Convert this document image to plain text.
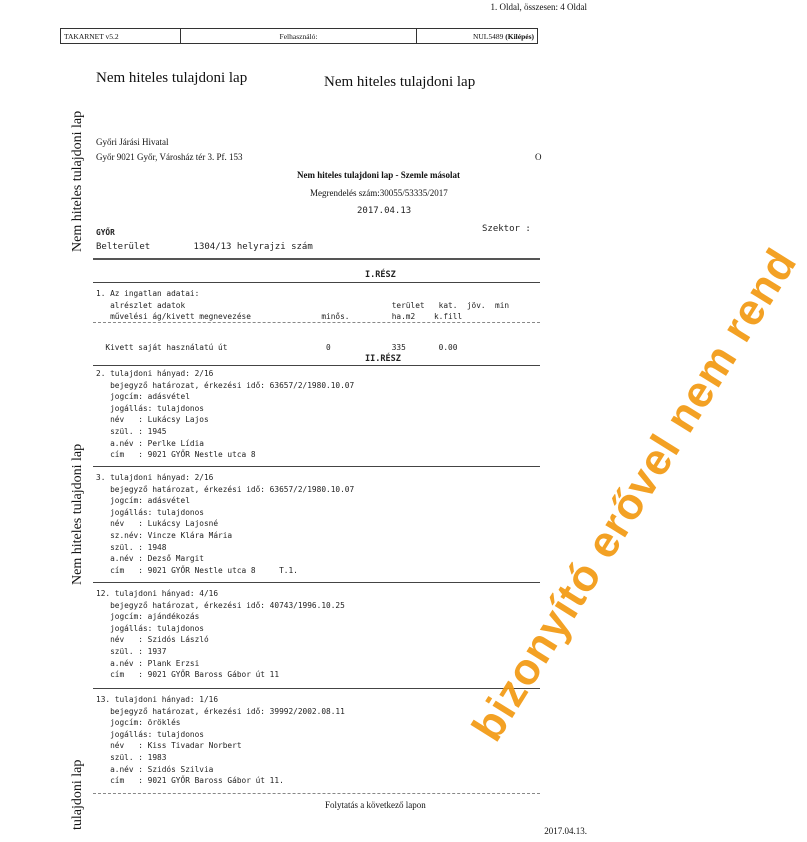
1. Oldal, összesen: 4 Oldal
TAKARNET v5.2	Felhasználó:	NUL5489
(Kilépés)
Nem hiteles tulajdoni lap	Nem hiteles tulajdoni lap
Nem hiteles tulajdoni lap
Nem hiteles tulajdoni lap
tulajdoni lap
Győri Járási Hivatal
Győr 9021 Győr, Városház tér 3. Pf. 153	O
Nem hiteles tulajdoni lap - Szemle másolat
Megrendelés szám:30055/53335/2017
2017.04.13
GYŐR	Szektor :
Belterület        1304/13 helyrajzi szám
I.RÉSZ
1. Az ingatlan adatai:
alrészlet adatok                                            terület   kat.  jöv.  min
művelési ág/kivett megnevezése               minős.         ha.m2    k.fill
Kivett saját használatú út                     0             335       0.00
II.RÉSZ
2. tulajdoni hányad: 2/16
bejegyző határozat, érkezési idő: 63657/2/1980.10.07
jogcím: adásvétel
jogállás: tulajdonos
név   : Lukácsy Lajos
szül. : 1945
a.név : Perlke Lídia
cím   : 9021 GYŐR Nestle utca 8
3. tulajdoni hányad: 2/16
bejegyző határozat, érkezési idő: 63657/2/1980.10.07
jogcím: adásvétel
jogállás: tulajdonos
név   : Lukácsy Lajosné
sz.név: Vincze Klára Mária
szül. : 1948
a.név : Dezső Margit
cím   : 9021 GYŐR Nestle utca 8     T.1.
12. tulajdoni hányad: 4/16
bejegyző határozat, érkezési idő: 40743/1996.10.25
jogcím: ajándékozás
jogállás: tulajdonos
név   : Szidós László
szül. : 1937
a.név : Plank Erzsi
cím   : 9021 GYŐR Baross Gábor út 11
13. tulajdoni hányad: 1/16
bejegyző határozat, érkezési idő: 39992/2002.08.11
jogcím: öröklés
jogállás: tulajdonos
név   : Kiss Tivadar Norbert
szül. : 1983
a.név : Szidós Szilvia
cím   : 9021 GYŐR Baross Gábor út 11.
Folytatás a következő lapon
bizonyító erővel nem rend
2017.04.13.
